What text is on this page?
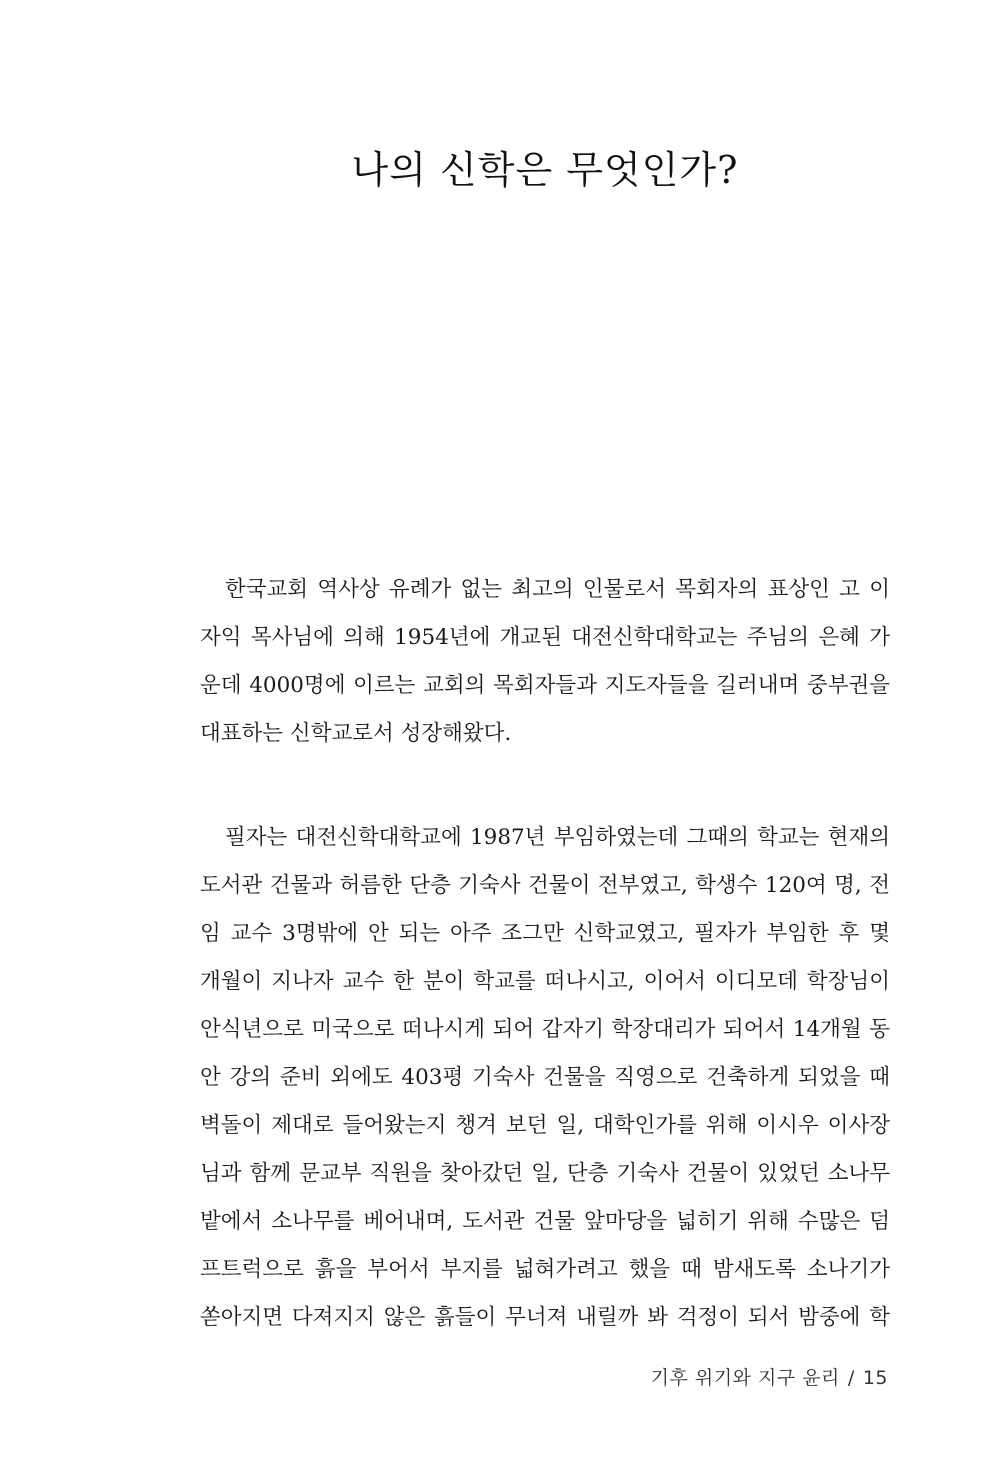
나의 신학은 무엇인가?
한국교회 역사상 유례가 없는 최고의 인물로서 목회자의 표상인 고 이
자익 목사님에 의해 1954년에 개교된 대전신학대학교는 주님의 은혜 가
운데 4000명에 이르는 교회의 목회자들과 지도자들을 길러내며 중부권을
대표하는 신학교로서 성장해왔다.
필자는 대전신학대학교에 1987년 부임하였는데 그때의 학교는 현재의
도서관 건물과 허름한 단층 기숙사 건물이 전부였고, 학생수 120여 명, 전
임 교수 3명밖에 안 되는 아주 조그만 신학교였고, 필자가 부임한 후 몇
개월이 지나자 교수 한 분이 학교를 떠나시고, 이어서 이디모데 학장님이
안식년으로 미국으로 떠나시게 되어 갑자기 학장대리가 되어서 14개월 동
안 강의 준비 외에도 403평 기숙사 건물을 직영으로 건축하게 되었을 때
벽돌이 제대로 들어왔는지 챙겨 보던 일, 대학인가를 위해 이시우 이사장
님과 함께 문교부 직원을 찾아갔던 일, 단층 기숙사 건물이 있었던 소나무
밭에서 소나무를 베어내며, 도서관 건물 앞마당을 넓히기 위해 수많은 덤
프트럭으로 흙을 부어서 부지를 넓혀가려고 했을 때 밤새도록 소나기가
쏟아지면 다져지지 않은 흙들이 무너져 내릴까 봐 걱정이 되서 밤중에 학
기후 위기와 지구 윤리 / 15
